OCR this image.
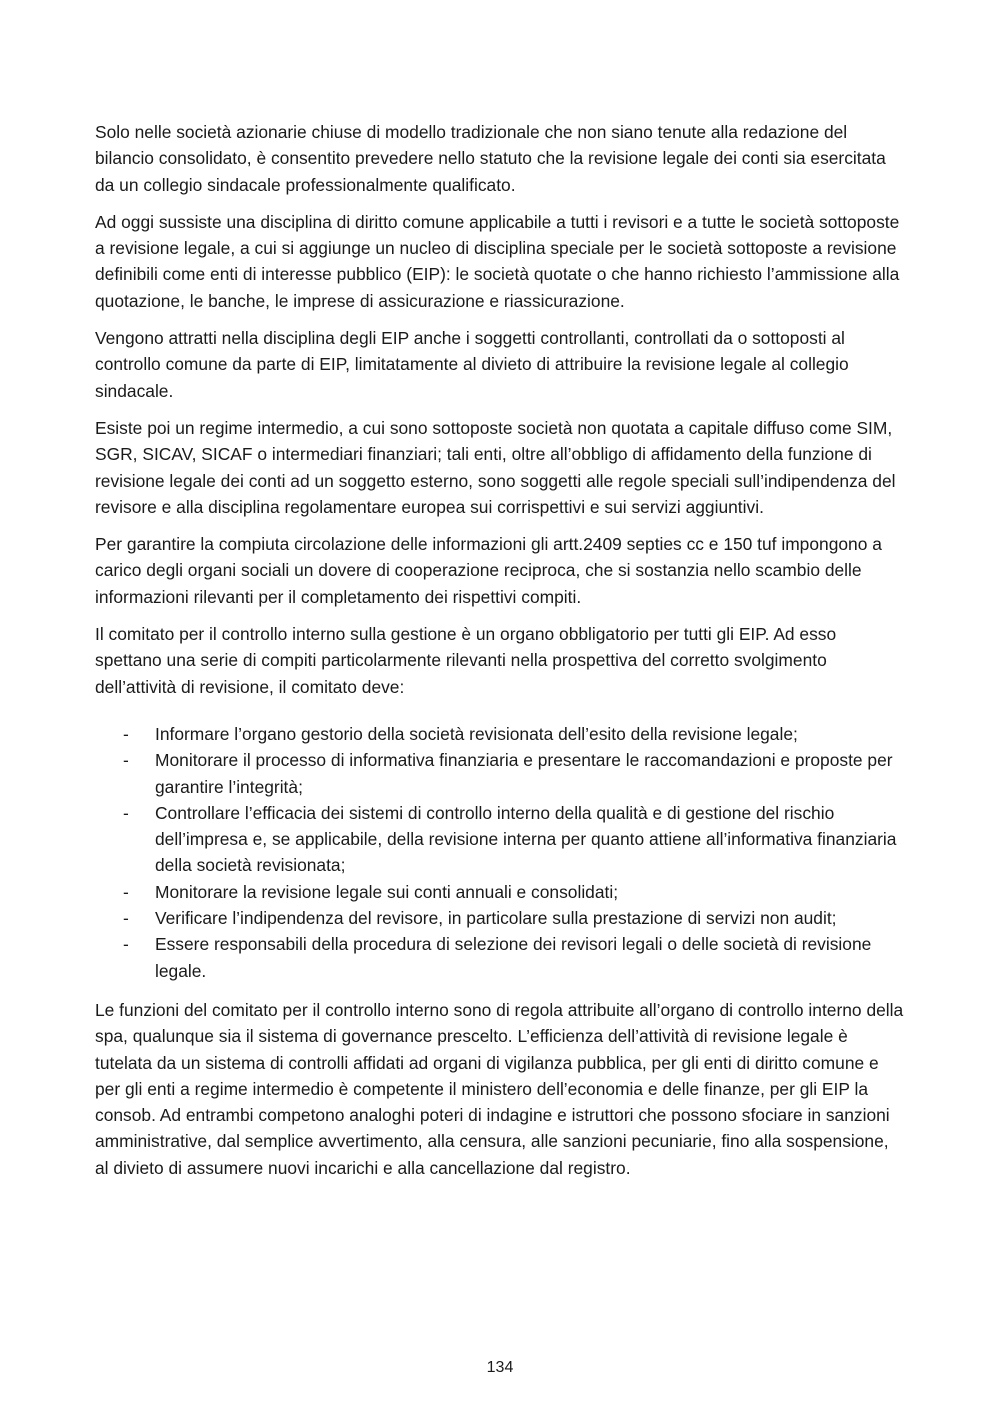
Solo nelle società azionarie chiuse di modello tradizionale che non siano tenute alla redazione del bilancio consolidato, è consentito prevedere nello statuto che la revisione legale dei conti sia esercitata da un collegio sindacale professionalmente qualificato.

Ad oggi sussiste una disciplina di diritto comune applicabile a tutti i revisori e a tutte le società sottoposte a revisione legale, a cui si aggiunge un nucleo di disciplina speciale per le società sottoposte a revisione definibili come enti di interesse pubblico (EIP): le società quotate o che hanno richiesto l’ammissione alla quotazione, le banche, le imprese di assicurazione e riassicurazione.

Vengono attratti nella disciplina degli EIP anche i soggetti controllanti, controllati da o sottoposti al controllo comune da parte di EIP, limitatamente al divieto di attribuire la revisione legale al collegio sindacale.

Esiste poi un regime intermedio, a cui sono sottoposte società non quotata a capitale diffuso come SIM, SGR, SICAV, SICAF o intermediari finanziari; tali enti, oltre all’obbligo di affidamento della funzione di revisione legale dei conti ad un soggetto esterno, sono soggetti alle regole speciali sull’indipendenza del revisore e alla disciplina regolamentare europea sui corrispettivi e sui servizi aggiuntivi.

Per garantire la compiuta circolazione delle informazioni gli artt.2409 septies cc e 150 tuf impongono a carico degli organi sociali un dovere di cooperazione reciproca, che si sostanzia nello scambio delle informazioni rilevanti per il completamento dei rispettivi compiti.

Il comitato per il controllo interno sulla gestione è un organo obbligatorio per tutti gli EIP. Ad esso spettano una serie di compiti particolarmente rilevanti nella prospettiva del corretto svolgimento dell’attività di revisione, il comitato deve:

- Informare l’organo gestorio della società revisionata dell’esito della revisione legale;
- Monitorare il processo di informativa finanziaria e presentare le raccomandazioni e proposte per garantire l’integrità;
- Controllare l’efficacia dei sistemi di controllo interno della qualità e di gestione del rischio dell’impresa e, se applicabile, della revisione interna per quanto attiene all’informativa finanziaria della società revisionata;
- Monitorare la revisione legale sui conti annuali e consolidati;
- Verificare l’indipendenza del revisore, in particolare sulla prestazione di servizi non audit;
- Essere responsabili della procedura di selezione dei revisori legali o delle società di revisione legale.

Le funzioni del comitato per il controllo interno sono di regola attribuite all’organo di controllo interno della spa, qualunque sia il sistema di governance prescelto. L’efficienza dell’attività di revisione legale è tutelata da un sistema di controlli affidati ad organi di vigilanza pubblica, per gli enti di diritto comune e per gli enti a regime intermedio è competente il ministero dell’economia e delle finanze, per gli EIP la consob. Ad entrambi competono analoghi poteri di indagine e istruttori che possono sfociare in sanzioni amministrative, dal semplice avvertimento, alla censura, alle sanzioni pecuniarie, fino alla sospensione, al divieto di assumere nuovi incarichi e alla cancellazione dal registro.

134
